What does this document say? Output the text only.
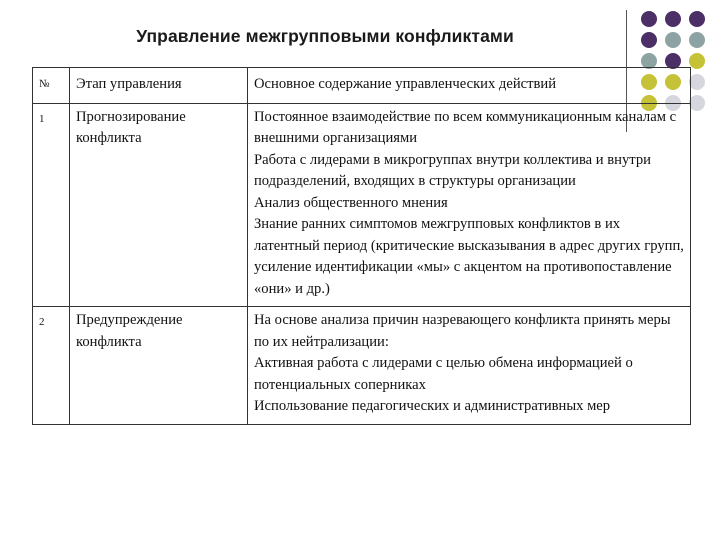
Управление межгрупповыми конфликтами
№	Этап управления	Основное содержание управленческих действий
1	Прогнозирование конфликта	Постоянное взаимодействие по всем коммуникационным каналам с внешними организациями
Работа с лидерами в микрогруппах внутри коллектива и внутри подразделений, входящих в структуры организации
Анализ общественного мнения
Знание ранних симптомов межгрупповых конфликтов в их латентный период (критические высказывания в адрес других групп, усиление идентификации «мы» с акцентом на противопоставление «они» и др.)

2	Предупреждение конфликта	На основе анализа причин назревающего конфликта принять меры по их нейтрализации:
Активная работа с лидерами с целью обмена информацией о потенциальных соперниках
Использование педагогических и административных мер
